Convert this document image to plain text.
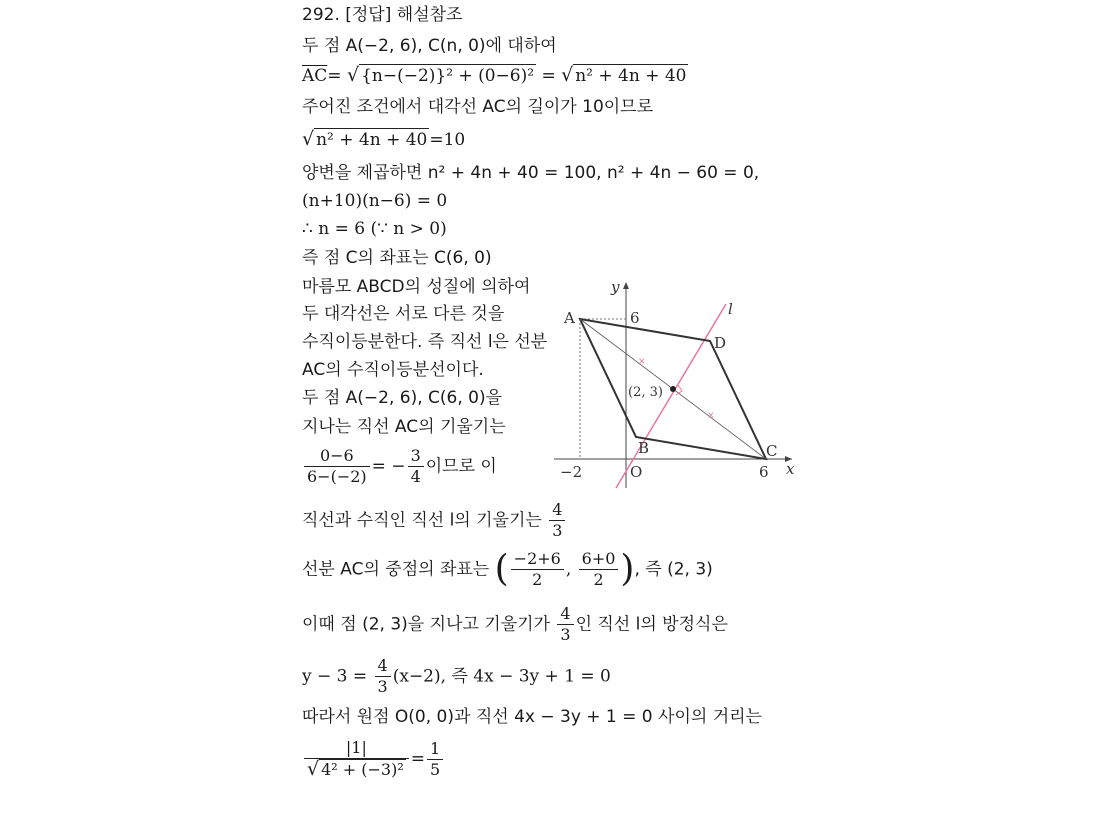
292. [정답] 해설참조
두 점 A(−2, 6), C(n, 0)에 대하여
$\overline{AC}=$ √ {n−(−2)}² + (0−6)² = √ n² + 4n + 40
주어진 조건에서 대각선 AC의 길이가 10이므로
√ n² + 4n + 40 =10
양변을 제곱하면 n² + 4n + 40 = 100, n² + 4n − 60 = 0,
(n+10)(n−6) = 0
∴ n = 6 (∵ n > 0)
즉 점 C의 좌표는 C(6, 0)
마름모 ABCD의 성질에 의하여
두 대각선은 서로 다른 것을
수직이등분한다. 즉 직선 l은 선분
AC의 수직이등분선이다.
두 점 A(−2, 6), C(6, 0)을
지나는 직선 AC의 기울기는
$\frac{0-6}{6-(-2)}$ = − $\frac{3}{4}$ 이므로 이
직선과 수직인 직선 l의 기울기는 $\frac{4}{3}$
선분 AC의 중점의 좌표는 ( $\frac{-2+6}{2}$ , $\frac{6+0}{2}$ ), 즉 (2, 3)
이때 점 (2, 3)을 지나고 기울기가 $\frac{4}{3}$ 인 직선 l의 방정식은
$y - 3 = \frac{4}{3} (x-2)$, 즉 4x − 3y + 1 = 0
따라서 원점 O(0, 0)과 직선 4x − 3y + 1 = 0 사이의 거리는
$\frac{|1|}{\text{√ 4² + (−3)²}} = \frac{1}{5}$
×
×
y
x
l
A
B	C
D
O
6
6
−2
(2, 3)
